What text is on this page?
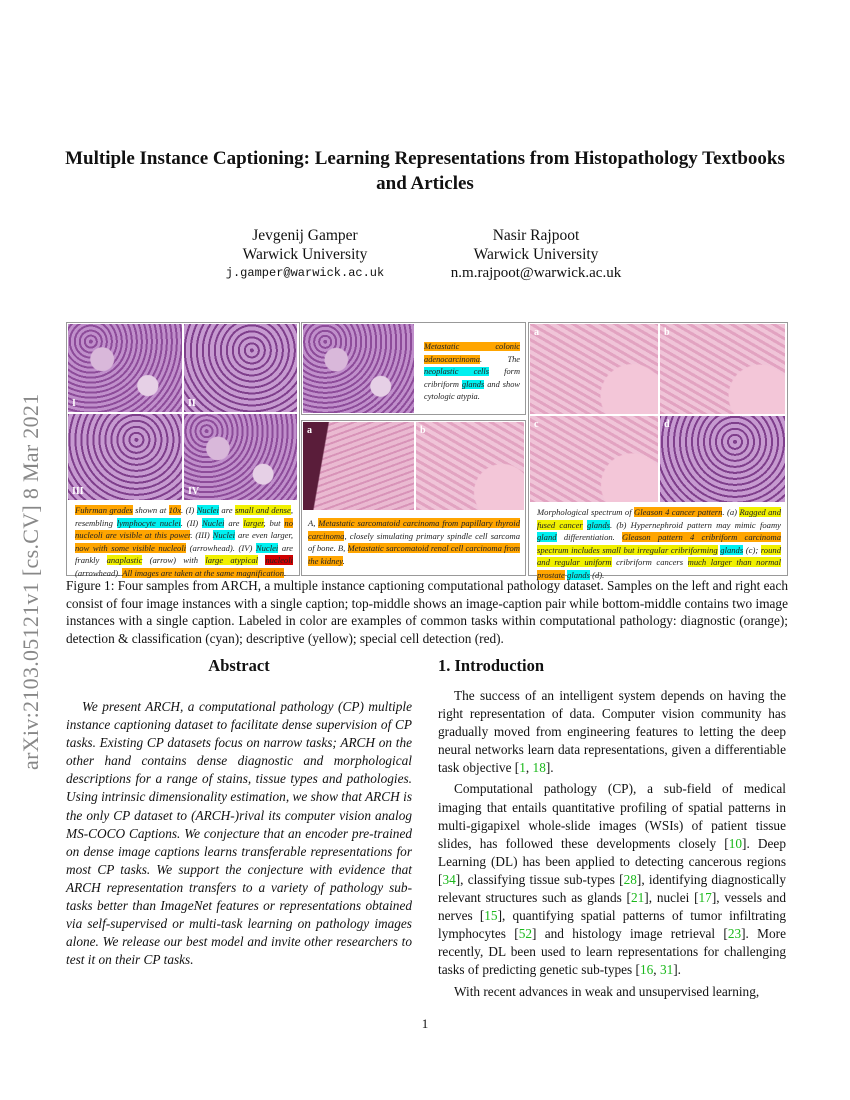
arXiv:2103.05121v1 [cs.CV] 8 Mar 2021
Multiple Instance Captioning: Learning Representations from Histopathology Textbooks and Articles
Jevgenij Gamper
Warwick University
j.gamper@warwick.ac.uk
Nasir Rajpoot
Warwick University
n.m.rajpoot@warwick.ac.uk
I	II
III	IV
Fuhrman grades shown at 10x. (I) Nuclei are small and dense, resembling lymphocyte nuclei. (II) Nuclei are larger, but no nucleoli are visible at this power. (III) Nuclei are even larger, now with some visible nucleoli (arrowhead). (IV) Nuclei are frankly anaplastic (arrow) with large atypical nucleoli (arrowhead). All images are taken at the same magnification.
Metastatic colonic adenocarcinoma. The neoplastic cells form cribriform glands and show cytologic atypia.
a	b
A, Metastatic sarcomatoid carcinoma from papillary thyroid carcinoma, closely simulating primary spindle cell sarcoma of bone. B, Metastatic sarcomatoid renal cell carcinoma from the kidney.
a	b
c	d
Morphological spectrum of Gleason 4 cancer pattern. (a) Ragged and fused cancer glands. (b) Hypernephroid pattern may mimic foamy gland differentiation. Gleason pattern 4 cribriform carcinoma spectrum includes small but irregular cribriforming glands (c); round and regular uniform cribriform cancers much larger than normal prostate glands (d).
Figure 1: Four samples from ARCH, a multiple instance captioning computational pathology dataset. Samples on the left and right each consist of four image instances with a single caption; top-middle shows an image-caption pair while bottom-middle contains two image instances with a single caption. Labeled in color are examples of common tasks within computational pathology: diagnostic (orange); detection & classification (cyan); descriptive (yellow); special cell detection (red).
Abstract

We present ARCH, a computational pathology (CP) multiple instance captioning dataset to facilitate dense supervision of CP tasks. Existing CP datasets focus on narrow tasks; ARCH on the other hand contains dense diagnostic and morphological descriptions for a range of stains, tissue types and pathologies. Using intrinsic dimensionality estimation, we show that ARCH is the only CP dataset to (ARCH-)rival its computer vision analog MS-COCO Captions. We conjecture that an encoder pre-trained on dense image captions learns transferable representations for most CP tasks. We support the conjecture with evidence that ARCH representation transfers to a variety of pathology sub-tasks better than ImageNet features or representations obtained via self-supervised or multi-task learning on pathology images alone. We release our best model and invite other researchers to test it on their CP tasks.

1. Introduction

The success of an intelligent system depends on having the right representation of data. Computer vision community has gradually moved from engineering features to letting the deep neural networks learn data representations, given a differentiable task objective [1, 18].

Computational pathology (CP), a sub-field of medical imaging that entails quantitative profiling of spatial patterns in multi-gigapixel whole-slide images (WSIs) of patient tissue slides, has followed these developments closely [10]. Deep Learning (DL) has been applied to detecting cancerous regions [34], classifying tissue sub-types [28], identifying diagnostically relevant structures such as glands [21], nuclei [17], vessels and nerves [15], quantifying spatial patterns of tumor infiltrating lymphocytes [52] and histology image retrieval [23]. More recently, DL been used to learn representations for challenging tasks of predicting genetic sub-types [16, 31].

With recent advances in weak and unsupervised learning,

1
